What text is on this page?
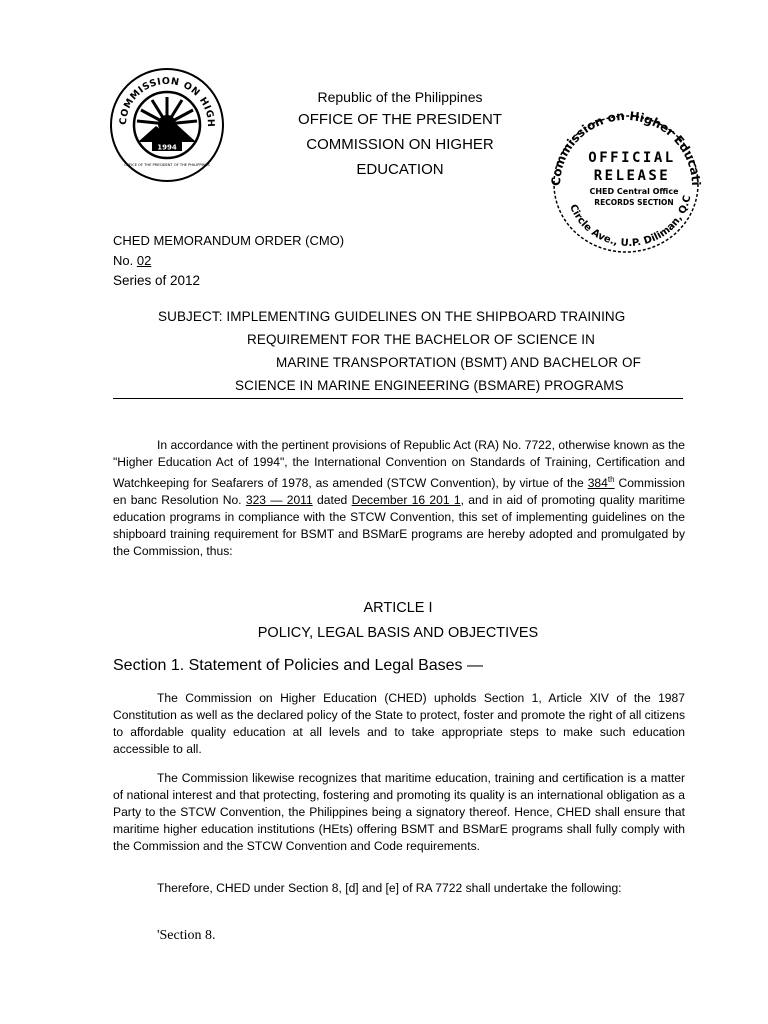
COMMISSION ON HIGH
1994
OFFICE OF THE PRESIDENT OF THE PHILIPPINES
Republic of the Philippines
OFFICE OF THE PRESIDENT
COMMISSION ON HIGHER
EDUCATION
Commission on Higher Educati
OFFICIAL
RELEASE
CHED Central Office
RECORDS SECTION
Circle Ave., U.P. Diliman, Q.C
CHED MEMORANDUM ORDER (CMO)
No. 02
Series of 2012
SUBJECT: IMPLEMENTING GUIDELINES ON THE SHIPBOARD TRAINING
REQUIREMENT FOR THE BACHELOR OF SCIENCE IN
MARINE TRANSPORTATION (BSMT) AND BACHELOR OF
SCIENCE IN MARINE ENGINEERING (BSMARE) PROGRAMS
In accordance with the pertinent provisions of Republic Act (RA) No. 7722, otherwise known as the "Higher Education Act of 1994", the International Convention on Standards of Training, Certification and Watchkeeping for Seafarers of 1978, as amended (STCW Convention), by virtue of the 384th Commission en banc Resolution No. 323 — 2011 dated December 16 201 1, and in aid of promoting quality maritime education programs in compliance with the STCW Convention, this set of implementing guidelines on the shipboard training requirement for BSMT and BSMarE programs are hereby adopted and promulgated by the Commission, thus:
ARTICLE I
POLICY, LEGAL BASIS AND OBJECTIVES
Section 1. Statement of Policies and Legal Bases —
The Commission on Higher Education (CHED) upholds Section 1, Article XIV of the 1987 Constitution as well as the declared policy of the State to protect, foster and promote the right of all citizens to affordable quality education at all levels and to take appropriate steps to make such education accessible to all.
The Commission likewise recognizes that maritime education, training and certification is a matter of national interest and that protecting, fostering and promoting its quality is an international obligation as a Party to the STCW Convention, the Philippines being a signatory thereof. Hence, CHED shall ensure that maritime higher education institutions (HEts) offering BSMT and BSMarE programs shall fully comply with the Commission and the STCW Convention and Code requirements.
Therefore, CHED under Section 8, [d] and [e] of RA 7722 shall undertake the following:
'Section 8.
